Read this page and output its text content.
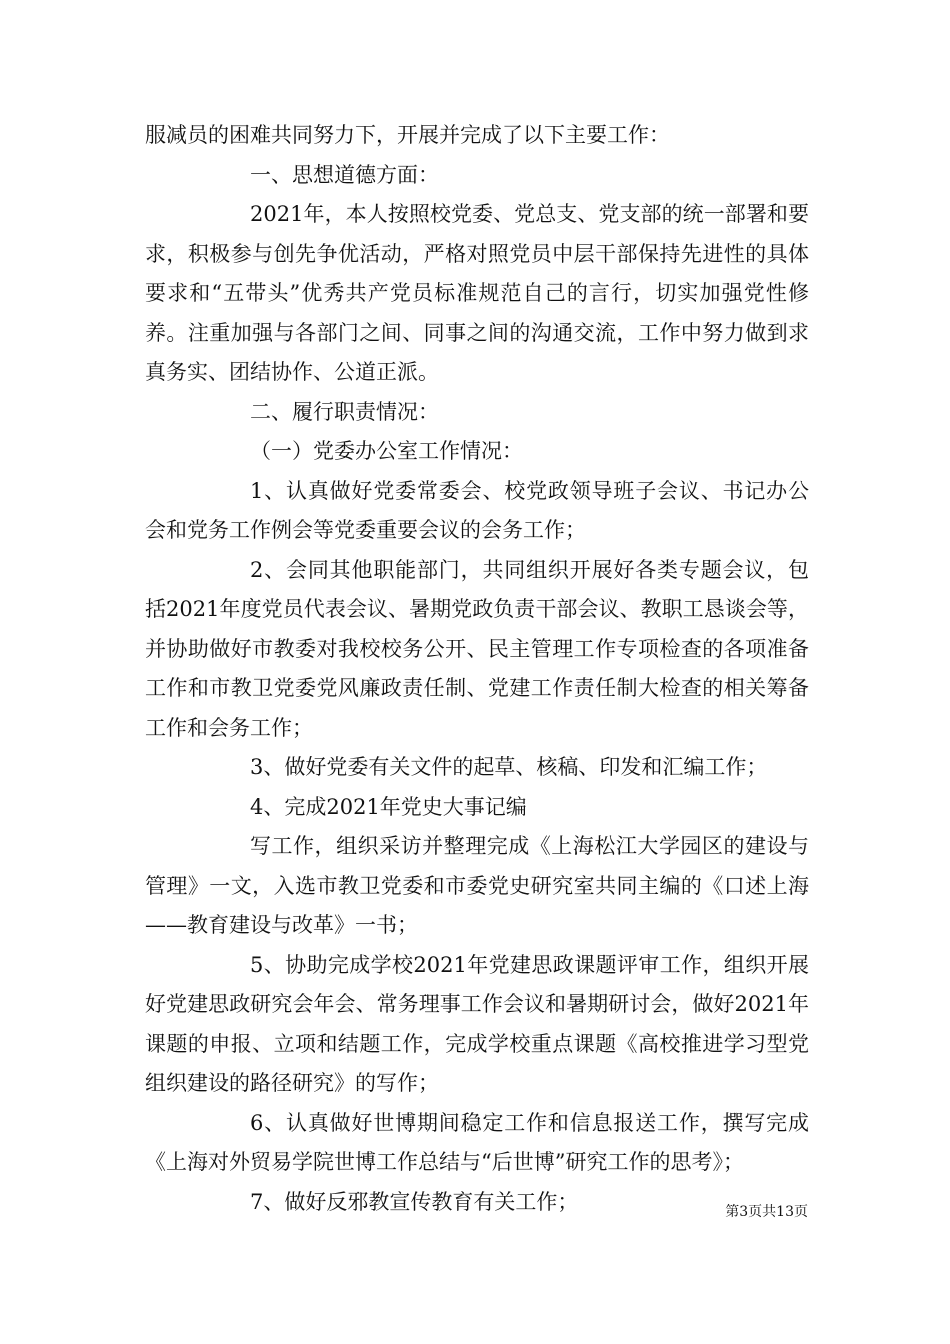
服减员的困难共同努力下，开展并完成了以下主要工作：

一、思想道德方面：

2021年，本人按照校党委、党总支、党支部的统一部署和要求，积极参与创先争优活动，严格对照党员中层干部保持先进性的具体要求和“五带头”优秀共产党员标准规范自己的言行，切实加强党性修养。注重加强与各部门之间、同事之间的沟通交流，工作中努力做到求真务实、团结协作、公道正派。

二、履行职责情况：

（一）党委办公室工作情况：

1、认真做好党委常委会、校党政领导班子会议、书记办公会和党务工作例会等党委重要会议的会务工作；

2、会同其他职能部门，共同组织开展好各类专题会议，包括2021年度党员代表会议、暑期党政负责干部会议、教职工恳谈会等，并协助做好市教委对我校校务公开、民主管理工作专项检查的各项准备工作和市教卫党委党风廉政责任制、党建工作责任制大检查的相关筹备工作和会务工作；

3、做好党委有关文件的起草、核稿、印发和汇编工作；

4、完成2021年党史大事记编

写工作，组织采访并整理完成《上海松江大学园区的建设与管理》一文，入选市教卫党委和市委党史研究室共同主编的《口述上海——教育建设与改革》一书；

5、协助完成学校2021年党建思政课题评审工作，组织开展好党建思政研究会年会、常务理事工作会议和暑期研讨会，做好2021年课题的申报、立项和结题工作，完成学校重点课题《高校推进学习型党组织建设的路径研究》的写作；

6、认真做好世博期间稳定工作和信息报送工作，撰写完成《上海对外贸易学院世博工作总结与“后世博”研究工作的思考》；

7、做好反邪教宣传教育有关工作；	第3页共13页
